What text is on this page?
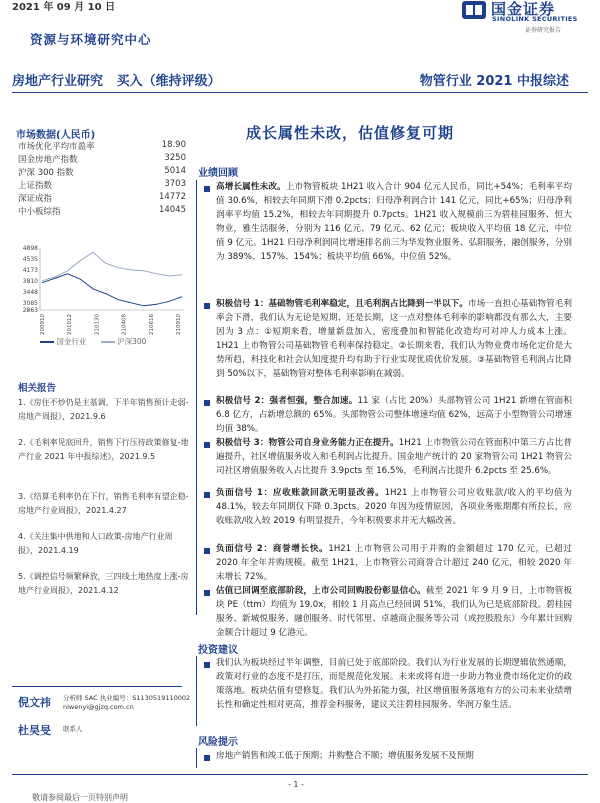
2021 年 09 月 10 日	国金证券
SINOLINK SECURITIES
证券研究报告
资源与环境研究中心
房地产行业研究 买入（维持评级）	物管行业 2021 中报综述
市场数据(人民币)
市场优化平均市盈率	18.90
国金房地产指数	3250
沪深 300 指数	5014
上证指数	3703
深证成指	14772
中小板综指	14045
4898
4535
4173
3810
3448
3085
2863
200910	201012	210130	210408	210616	210910
国金行业	沪深300
相关报告
1.《房住不炒仍是主基调，下半年销售预计走弱-房地产周报》，2021.9.6
2.《毛利率见底回升，销售下行压待政策修复-地产行业 2021 年中报综述》，2021.9.5
3.《结算毛利率仍在下行，销售毛利率有望企稳-房地产行业周报》，2021.4.27
4.《关注集中供地和人口政策-房地产行业周报》，2021.4.19
5.《调控信号频繁释放，三四线土地热度上涨-房地产行业周报》，2021.4.12
倪文祎 分析师 SAC 执业编号：S1130519110002
niwenyi@gjzq.com.cn
杜昊旻 联系人
成长属性未改，估值修复可期
业绩回顾
高增长属性未改。上市物管板块 1H21 收入合计 904 亿元人民币，同比+54%；毛利率平均值 30.6%，相较去年同期下滑 0.2pcts；归母净利润合计 141 亿元，同比+65%；归母净利润率平均值 15.2%，相较去年同期提升 0.7pcts。1H21 收入规模前三为碧桂园服务、恒大物业，雅生活服务，分别为 116 亿元、79 亿元、62 亿元；板块收入平均值 18 亿元，中位值 9 亿元。1H21 归母净利润同比增速排名前三为华发物业服务、弘阳服务，融创服务，分别为 389%、157%、154%；板块平均值 66%，中位值 52%。
积极信号 1：基础物管毛利率稳定，且毛利润占比降到一半以下。市场一直担心基础物管毛利率会下滑，我们认为无论是短期、还是长期，这一点对整体毛利率的影响都没有那么大，主要因为 3 点：①短期来看，增量新盘加入，密度叠加和智能化改造均可对冲人力成本上涨。1H21 上市物管公司基础物管毛利率保持稳定。②长期来看，我们认为物业费市场化定价是大势所趋，科技化和社会认知度提升均有助于行业实现优质优价发展。③基础物管毛利润占比降到 50%以下，基础物管对整体毛利率影响在减弱。
积极信号 2：强者恒强，整合加速。11 家（占比 20%）头部物管公司 1H21 新增在管面积 6.8 亿方，占新增总额的 65%。头部物管公司整体增速均值 62%，远高于小型物管公司增速均值 38%。
积极信号 3：物管公司自身业务能力正在提升。1H21 上市物管公司在管面积中第三方占比普遍提升，社区增值服务收入和毛利润占比提升。国金地产统计的 20 家物管公司 1H21 物管公司社区增值服务收入占比提升 3.9pcts 至 16.5%，毛利润占比提升 6.2pcts 至 25.6%。
负面信号 1：应收账款回款无明显改善。1H21 上市物管公司应收账款/收入的平均值为 48.1%，较去年同期仅下降 0.3pcts。2020 年因为疫情原因，各项业务账期都有所拉长，应收账款/收入较 2019 有明显提升，今年积极要求并无大幅改善。
负面信号 2：商誉增长快。1H21 上市物管公司用于并购的金额超过 170 亿元，已超过 2020 年全年并购规模。截至 1H21，上市物管公司商誉合计超过 240 亿元，相较 2020 年末增长 72%。
估值已回调至底部阶段，上市公司回购股份彰显信心。截至 2021 年 9 月 9 日，上市物管板块 PE（ttm）均值为 19.0x，相较 1 月高点已经回调 51%，我们认为已是底部阶段。碧桂园服务、新城悦服务、融创服务、时代邻里、卓越商企服务等公司（或控股股东）今年累计回购金额合计超过 9 亿港元。
投资建议
我们认为板块经过半年调整，目前已处于底部阶段。我们认为行业发展的长期逻辑依然通顺，政策对行业的态度不是打压，而是规范化发展。未来或将有进一步助力物业费市场化定价的政策落地。板块估值有望修复。我们认为外拓能力强，社区增值服务落地有方的公司未来业绩增长性和确定性相对更高，推荐金科服务，建议关注碧桂园服务、华润万象生活。
风险提示
房地产销售和竣工低于预期；并购整合不顺；增值服务发展不及预期
- 1 -
敬请参阅最后一页特别声明
